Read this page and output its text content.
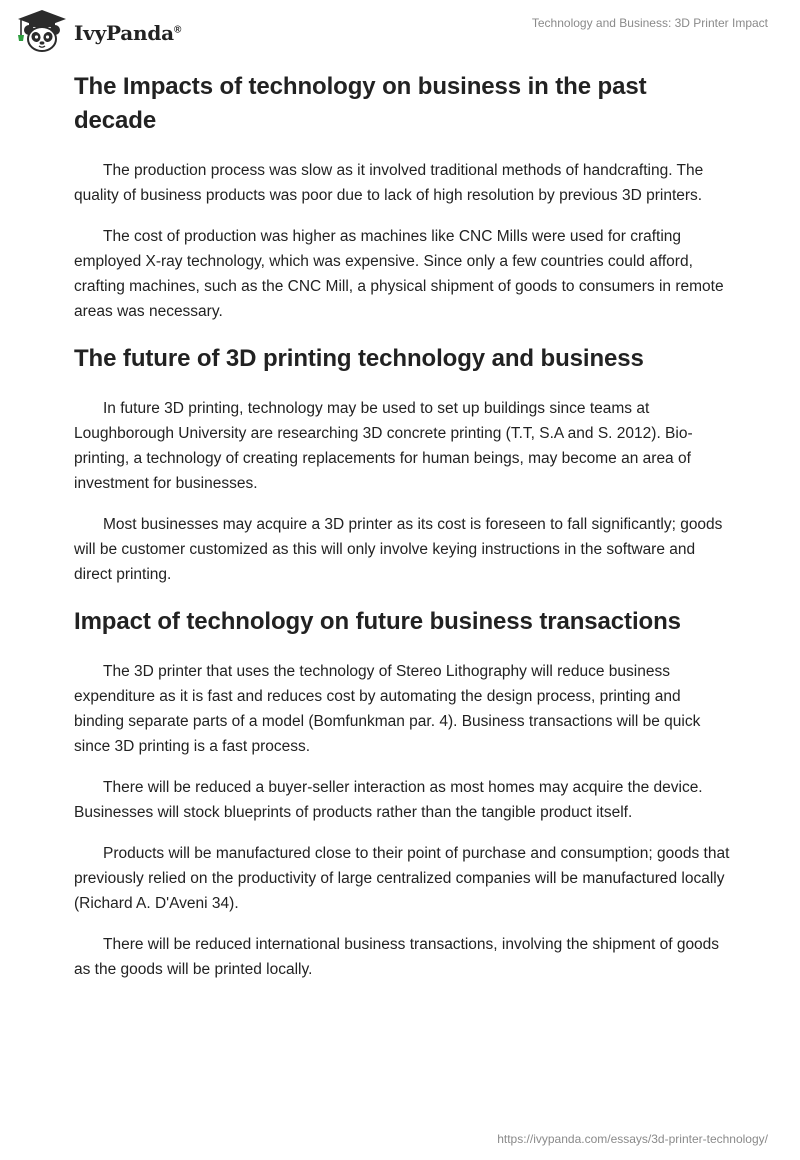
IvyPanda®	Technology and Business: 3D Printer Impact
The Impacts of technology on business in the past decade

The production process was slow as it involved traditional methods of handcrafting. The quality of business products was poor due to lack of high resolution by previous 3D printers.

The cost of production was higher as machines like CNC Mills were used for crafting employed X-ray technology, which was expensive. Since only a few countries could afford, crafting machines, such as the CNC Mill, a physical shipment of goods to consumers in remote areas was necessary.

The future of 3D printing technology and business

In future 3D printing, technology may be used to set up buildings since teams at Loughborough University are researching 3D concrete printing (T.T, S.A and S. 2012). Bio-printing, a technology of creating replacements for human beings, may become an area of investment for businesses.

Most businesses may acquire a 3D printer as its cost is foreseen to fall significantly; goods will be customer customized as this will only involve keying instructions in the software and direct printing.

Impact of technology on future business transactions

The 3D printer that uses the technology of Stereo Lithography will reduce business expenditure as it is fast and reduces cost by automating the design process, printing and binding separate parts of a model (Bomfunkman par. 4). Business transactions will be quick since 3D printing is a fast process.

There will be reduced a buyer-seller interaction as most homes may acquire the device. Businesses will stock blueprints of products rather than the tangible product itself.

Products will be manufactured close to their point of purchase and consumption; goods that previously relied on the productivity of large centralized companies will be manufactured locally (Richard A. D'Aveni 34).

There will be reduced international business transactions, involving the shipment of goods as the goods will be printed locally.

https://ivypanda.com/essays/3d-printer-technology/
